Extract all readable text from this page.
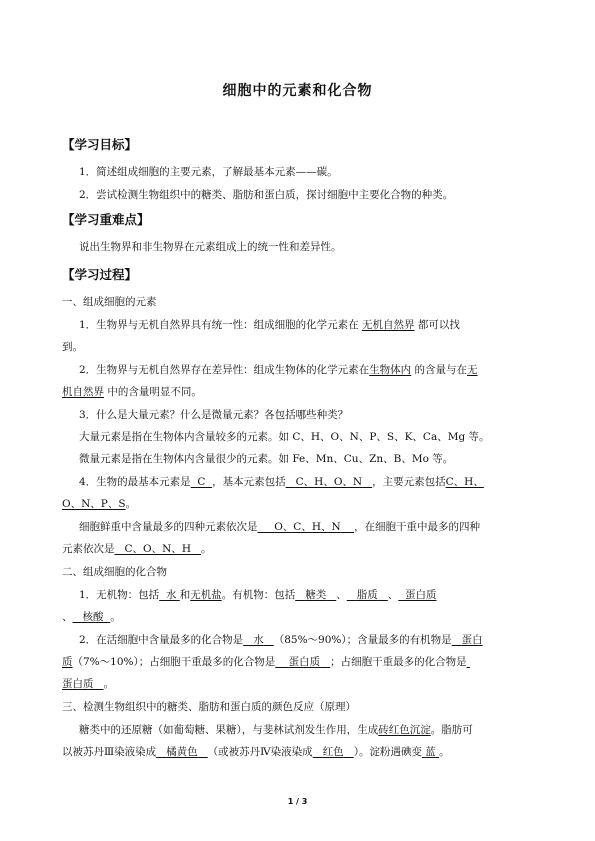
细胞中的元素和化合物
【学习目标】
1．简述组成细胞的主要元素，了解最基本元素——碳。
2．尝试检测生物组织中的糖类、脂肪和蛋白质，探讨细胞中主要化合物的种类。
【学习重难点】
说出生物界和非生物界在元素组成上的统一性和差异性。
【学习过程】
一、组成细胞的元素
1．生物界与无机自然界具有统一性：组成细胞的化学元素在 无机自然界 都可以找
到。
2．生物界与无机自然界存在差异性：组成生物体的化学元素在生物体内 的含量与在无
机自然界 中的含量明显不同。
3．什么是大量元素？什么是微量元素？各包括哪些种类？
大量元素是指在生物体内含量较多的元素。如 C、H、O、N、P、S、K、Ca、Mg 等。
微量元素是指在生物体内含量很少的元素。如 Fe、Mn、Cu、Zn、B、Mo 等。
4．生物的最基本元素是 C ，基本元素包括 C、H、O、N ，主要元素包括C、H、
O、N、P、S。
细胞鲜重中含量最多的四种元素依次是 O、C、H、N ，在细胞干重中最多的四种
元素依次是 C、O、N、H 。
二、组成细胞的化合物
1．无机物：包括 水 和无机盐。有机物：包括 糖类 、 脂质 、 蛋白质
、 核酸 。
2．在活细胞中含量最多的化合物是 水 （85%～90%）；含量最多的有机物是 蛋白
质（7%～10%）；占细胞干重最多的化合物是 蛋白质 ；占细胞干重最多的化合物是
蛋白质 。
三、检测生物组织中的糖类、脂肪和蛋白质的颜色反应（原理）
糖类中的还原糖（如葡萄糖、果糖），与斐林试剂发生作用，生成砖红色沉淀。脂肪可
以被苏丹Ⅲ染液染成 橘黄色 （或被苏丹Ⅳ染液染成 红色 ）。淀粉遇碘变 蓝 。
1 / 3
